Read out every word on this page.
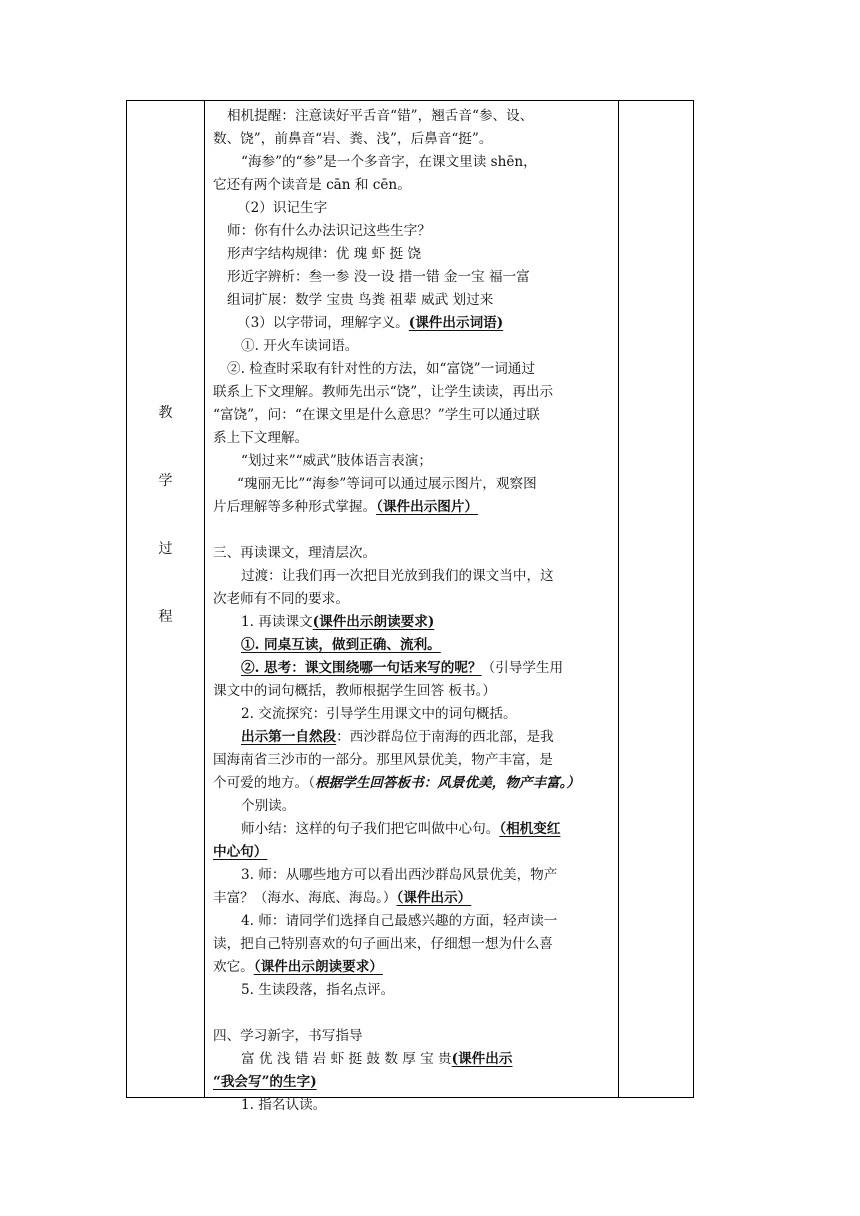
教
学
过
程
相机提醒：注意读好平舌音“错”，翘舌音“参、设、
数、饶”，前鼻音“岩、粪、浅”，后鼻音“挺”。
“海参”的“参”是一个多音字，在课文里读 shēn，
它还有两个读音是 cān 和 cēn。
（2）识记生字
师：你有什么办法识记这些生字？
形声字结构规律：优 瑰 虾 挺 饶
形近字辨析：叁一参 没一设 措一错 金一宝 福一富
组词扩展：数学 宝贵 鸟粪 祖辈 威武 划过来
（3）以字带词，理解字义。(课件出示词语)
①. 开火车读词语。
②. 检查时采取有针对性的方法，如“富饶”一词通过
联系上下文理解。教师先出示“饶”，让学生读读，再出示
“富饶”，问：“在课文里是什么意思？”学生可以通过联
系上下文理解。
“划过来”“威武”肢体语言表演；
“瑰丽无比”“海参”等词可以通过展示图片，观察图
片后理解等多种形式掌握。（课件出示图片）
三、再读课文，理清层次。
过渡：让我们再一次把目光放到我们的课文当中，这
次老师有不同的要求。
1. 再读课文(课件出示朗读要求)
①. 同桌互读，做到正确、流利。
②. 思考：课文围绕哪一句话来写的呢？（引导学生用
课文中的词句概括，教师根据学生回答 板书。）
2. 交流探究：引导学生用课文中的词句概括。
出示第一自然段：西沙群岛位于南海的西北部，是我
国海南省三沙市的一部分。那里风景优美，物产丰富，是
个可爱的地方。（根据学生回答板书：风景优美，物产丰富。）
个别读。
师小结：这样的句子我们把它叫做中心句。（相机变红
中心句）
3. 师：从哪些地方可以看出西沙群岛风景优美，物产
丰富？（海水、海底、海岛。）（课件出示）
4. 师：请同学们选择自己最感兴趣的方面，轻声读一
读，把自己特别喜欢的句子画出来，仔细想一想为什么喜
欢它。（课件出示朗读要求）
5. 生读段落，指名点评。
四、学习新字，书写指导
富 优 浅 错 岩 虾 挺 鼓 数 厚 宝 贵(课件出示
“我会写”的生字)
1. 指名认读。
